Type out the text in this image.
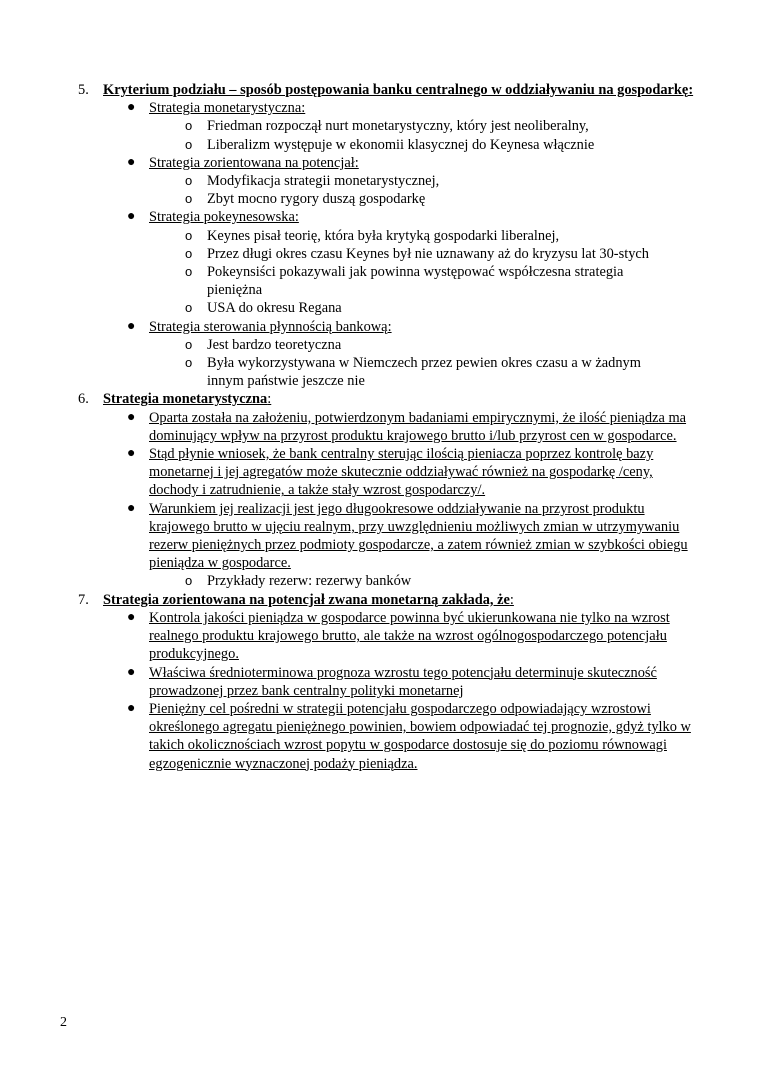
5. Kryterium podziału – sposób postępowania banku centralnego w oddziaływaniu na gospodarkę:
● Strategia monetarystyczna:
o Friedman rozpoczął nurt monetarystyczny, który jest neoliberalny,
o Liberalizm występuje w ekonomii klasycznej do Keynesa włącznie
● Strategia zorientowana na potencjał:
o Modyfikacja strategii monetarystycznej,
o Zbyt mocno rygory duszą gospodarkę
● Strategia pokeynesowska:
o Keynes pisał teorię, która była krytyką gospodarki liberalnej,
o Przez długi okres czasu Keynes był nie uznawany aż do kryzysu lat 30-stych
o Pokeynsiści pokazywali jak powinna występować współczesna strategia pieniężna
o USA do okresu Regana
● Strategia sterowania płynnością bankową:
o Jest bardzo teoretyczna
o Była wykorzystywana w Niemczech przez pewien okres czasu a w żadnym innym państwie jeszcze nie
6. Strategia monetarystyczna:
● Oparta została na założeniu, potwierdzonym badaniami empirycznymi, że ilość pieniądza ma dominujący wpływ na przyrost produktu krajowego brutto i/lub przyrost cen w gospodarce.
● Stąd płynie wniosek, że bank centralny sterując ilością pieniacza poprzez kontrolę bazy monetarnej i jej agregatów może skutecznie oddziaływać również na gospodarkę /ceny, dochody i zatrudnienie, a także stały wzrost gospodarczy/.
● Warunkiem jej realizacji jest jego długookresowe oddziaływanie na przyrost produktu krajowego brutto w ujęciu realnym, przy uwzględnieniu możliwych zmian w utrzymywaniu rezerw pieniężnych przez podmioty gospodarcze, a zatem również zmian w szybkości obiegu pieniądza w gospodarce.
o Przykłady rezerw: rezerwy banków
7. Strategia zorientowana na potencjał zwana monetarną zakłada, że:
● Kontrola jakości pieniądza w gospodarce powinna być ukierunkowana nie tylko na wzrost realnego produktu krajowego brutto, ale także na wzrost ogólnogospodarczego potencjału produkcyjnego.
● Właściwa średnioterminowa prognoza wzrostu tego potencjału determinuje skuteczność prowadzonej przez bank centralny polityki monetarnej
● Pieniężny cel pośredni w strategii potencjału gospodarczego odpowiadający wzrostowi określonego agregatu pieniężnego powinien, bowiem odpowiadać tej prognozie, gdyż tylko w takich okolicznościach wzrost popytu w gospodarce dostosuje się do poziomu równowagi egzogenicznie wyznaczonej podaży pieniądza.
2
